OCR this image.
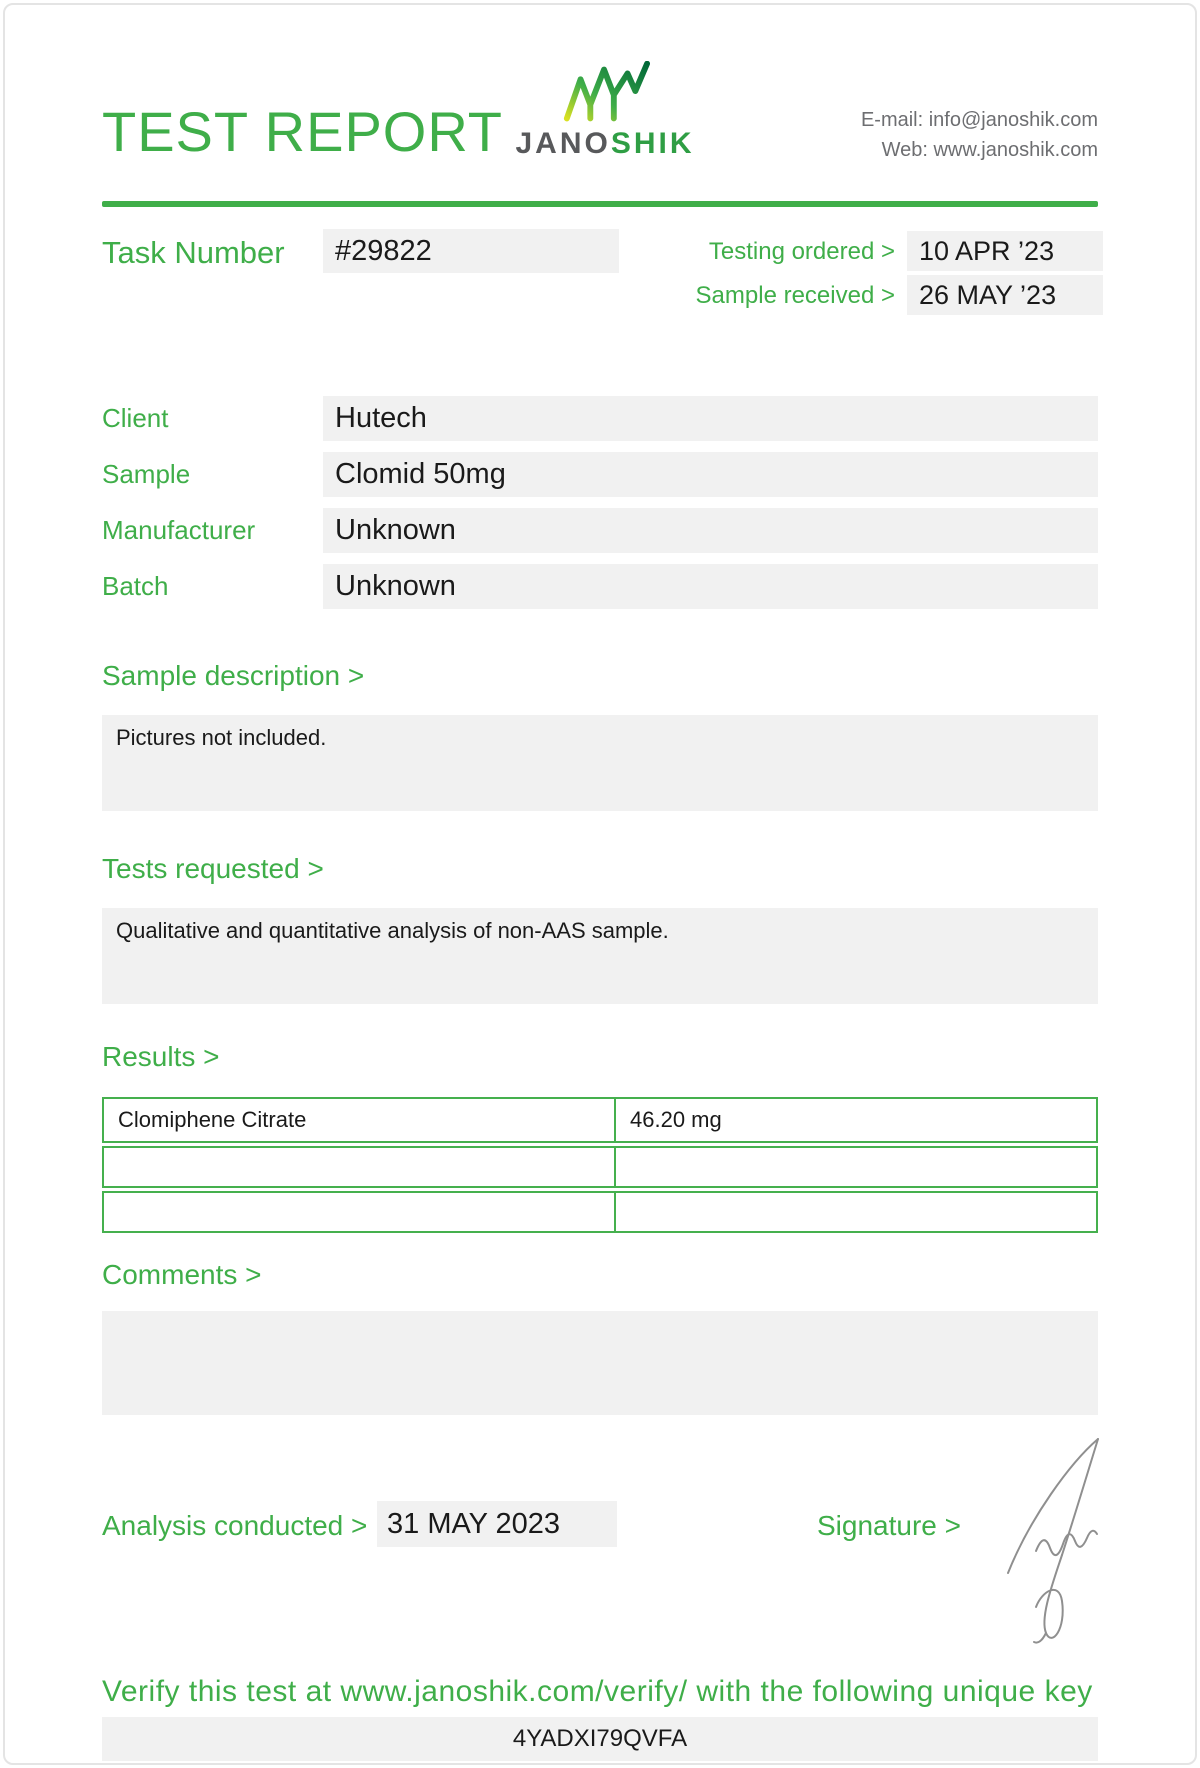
TEST REPORT JANOSHIK
E-mail: info@janoshik.com
Web: www.janoshik.com
Task Number	#29822	Testing ordered > 10 APR ’23
Sample received > 26 MAY ’23
Client	Hutech
Sample	Clomid 50mg
Manufacturer	Unknown
Batch	Unknown
Sample description >
Pictures not included.
Tests requested >
Qualitative and quantitative analysis of non-AAS sample.
Results >
Clomiphene Citrate	46.20 mg
Comments >
Analysis conducted > 31 MAY 2023	Signature >
Verify this test at www.janoshik.com/verify/ with the following unique key
4YADXI79QVFA
